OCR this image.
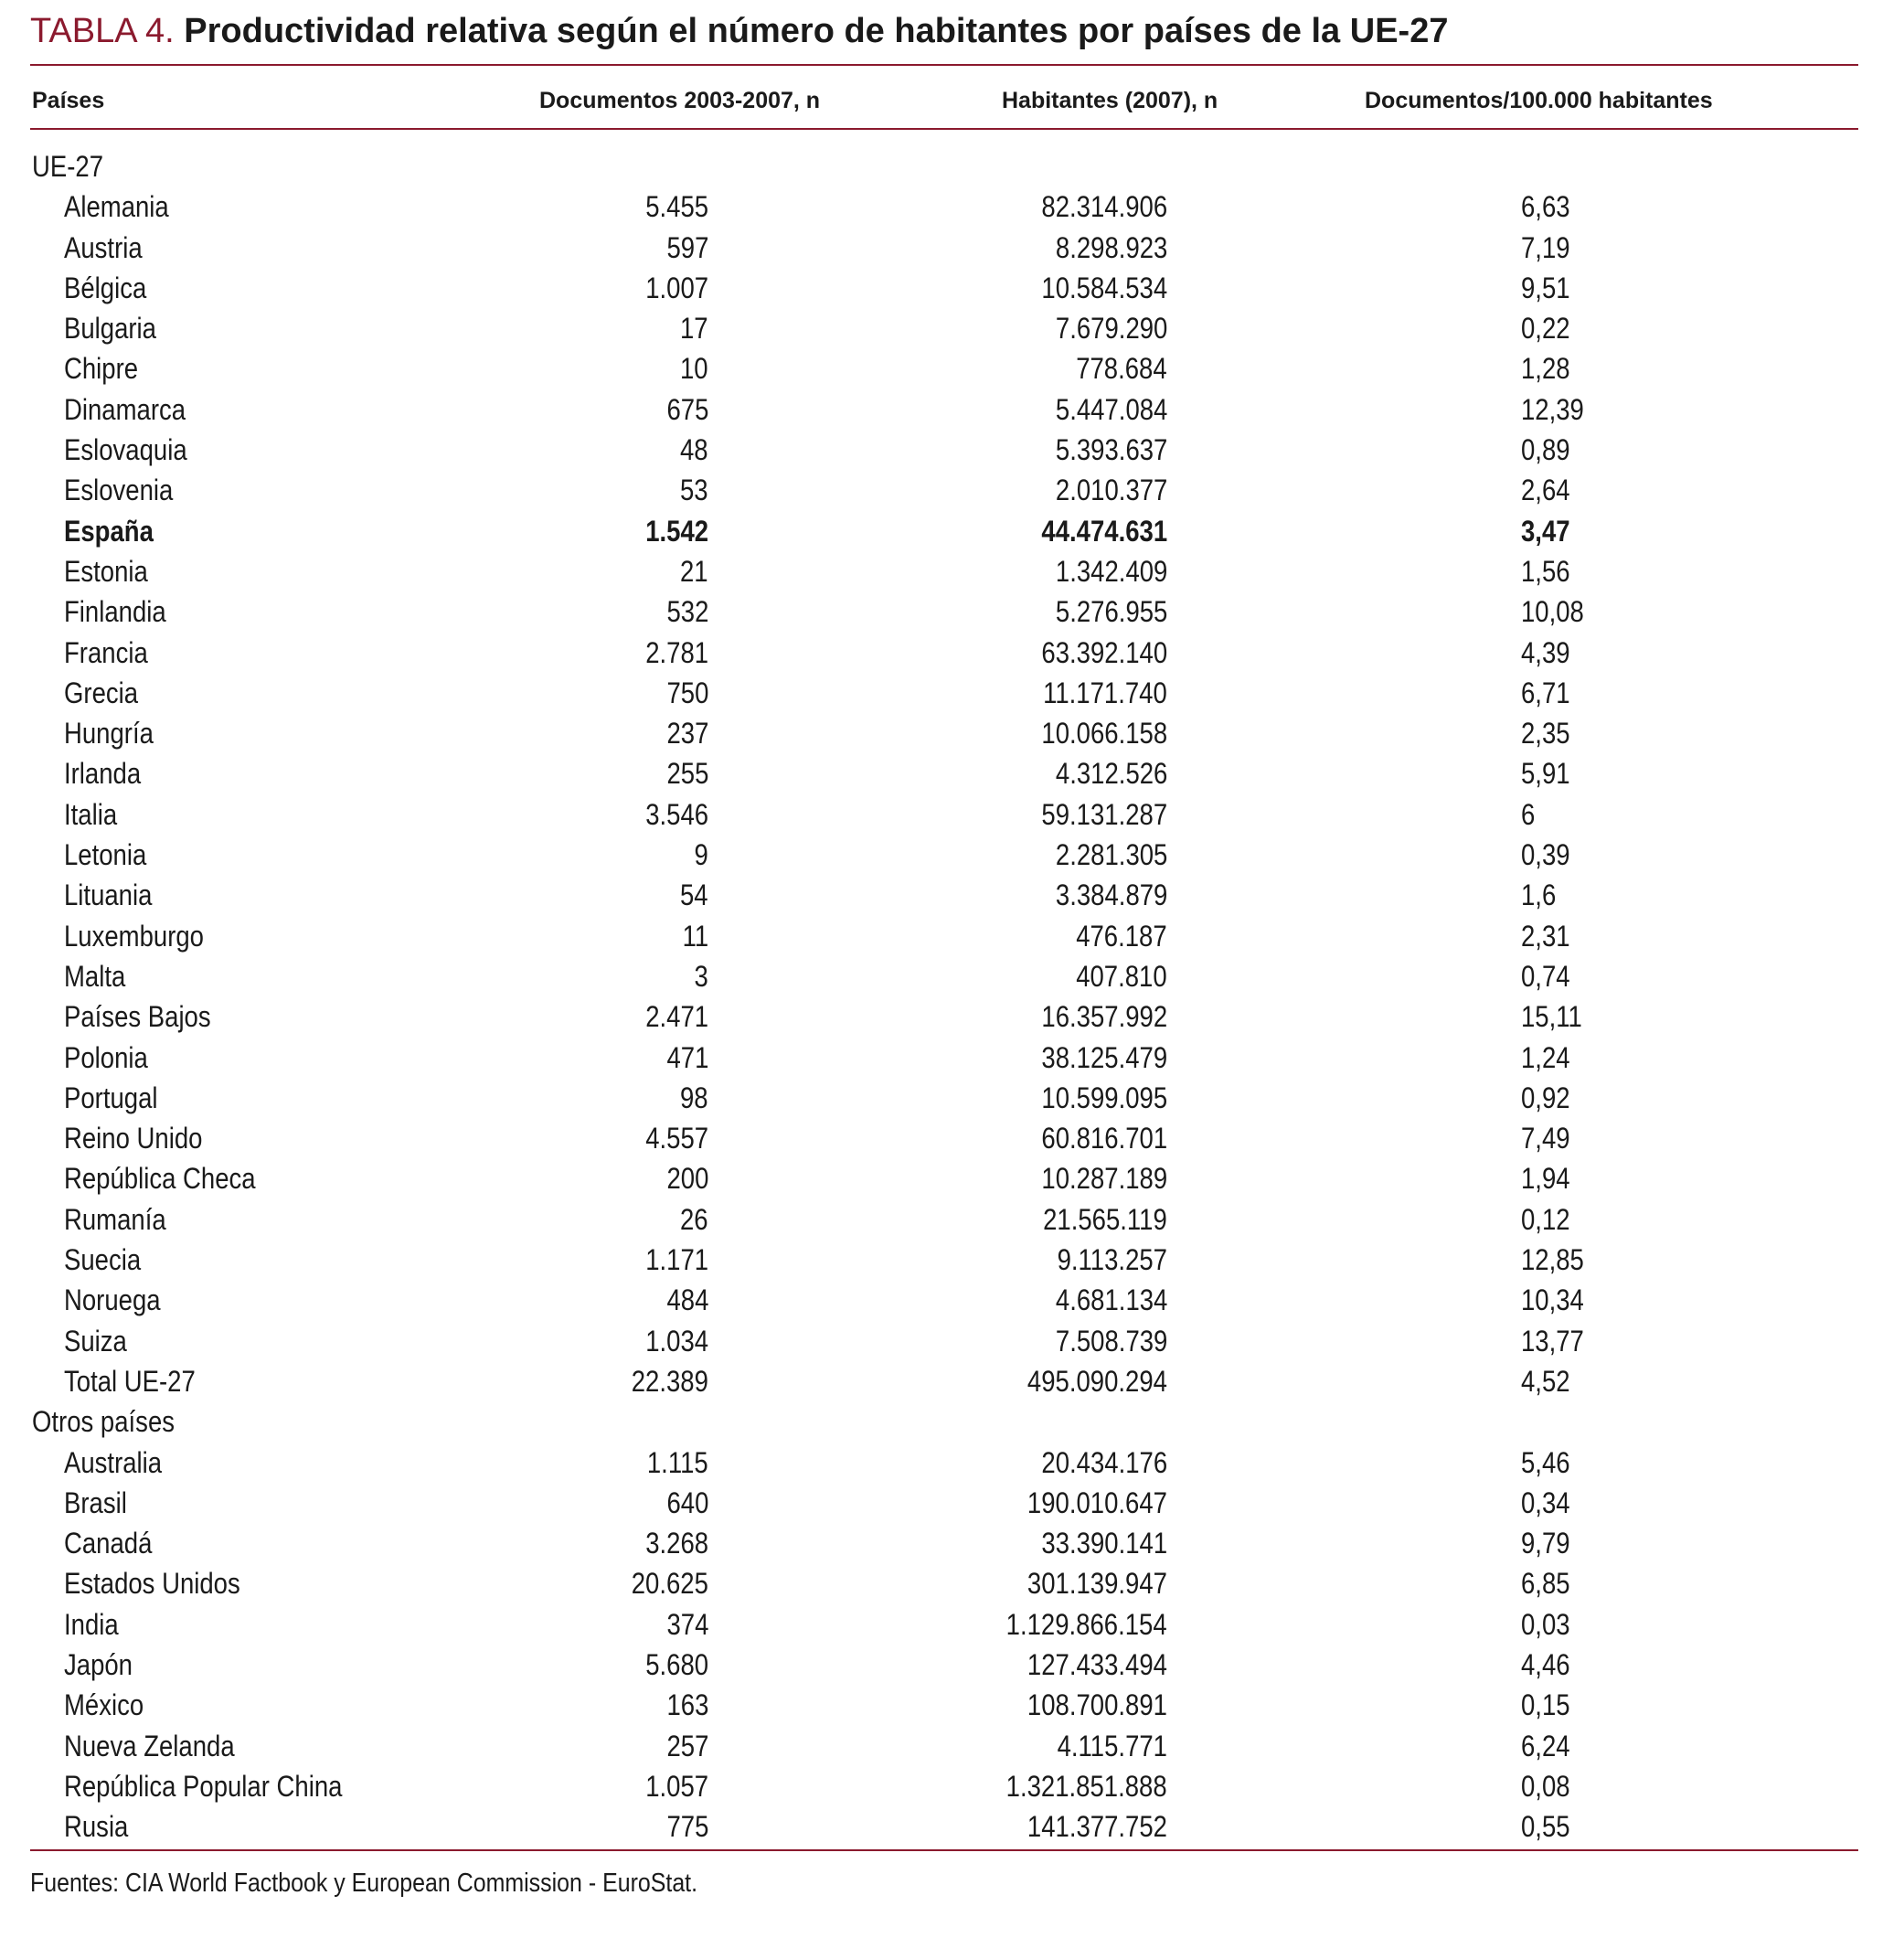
TABLA 4. Productividad relativa según el número de habitantes por países de la UE-27
Países	Documentos 2003-2007, n	Habitantes (2007), n	Documentos/100.000 habitantes
UE-27
Alemania	5.455	82.314.906	6,63
Austria	597	8.298.923	7,19
Bélgica	1.007	10.584.534	9,51
Bulgaria	17	7.679.290	0,22
Chipre	10	778.684	1,28
Dinamarca	675	5.447.084	12,39
Eslovaquia	48	5.393.637	0,89
Eslovenia	53	2.010.377	2,64
España	1.542	44.474.631	3,47
Estonia	21	1.342.409	1,56
Finlandia	532	5.276.955	10,08
Francia	2.781	63.392.140	4,39
Grecia	750	11.171.740	6,71
Hungría	237	10.066.158	2,35
Irlanda	255	4.312.526	5,91
Italia	3.546	59.131.287	6
Letonia	9	2.281.305	0,39
Lituania	54	3.384.879	1,6
Luxemburgo	11	476.187	2,31
Malta	3	407.810	0,74
Países Bajos	2.471	16.357.992	15,11
Polonia	471	38.125.479	1,24
Portugal	98	10.599.095	0,92
Reino Unido	4.557	60.816.701	7,49
República Checa	200	10.287.189	1,94
Rumanía	26	21.565.119	0,12
Suecia	1.171	9.113.257	12,85
Noruega	484	4.681.134	10,34
Suiza	1.034	7.508.739	13,77
Total UE-27	22.389	495.090.294	4,52
Otros países
Australia	1.115	20.434.176	5,46
Brasil	640	190.010.647	0,34
Canadá	3.268	33.390.141	9,79
Estados Unidos	20.625	301.139.947	6,85
India	374	1.129.866.154	0,03
Japón	5.680	127.433.494	4,46
México	163	108.700.891	0,15
Nueva Zelanda	257	4.115.771	6,24
República Popular China	1.057	1.321.851.888	0,08
Rusia	775	141.377.752	0,55
Fuentes: CIA World Factbook y European Commission - EuroStat.
